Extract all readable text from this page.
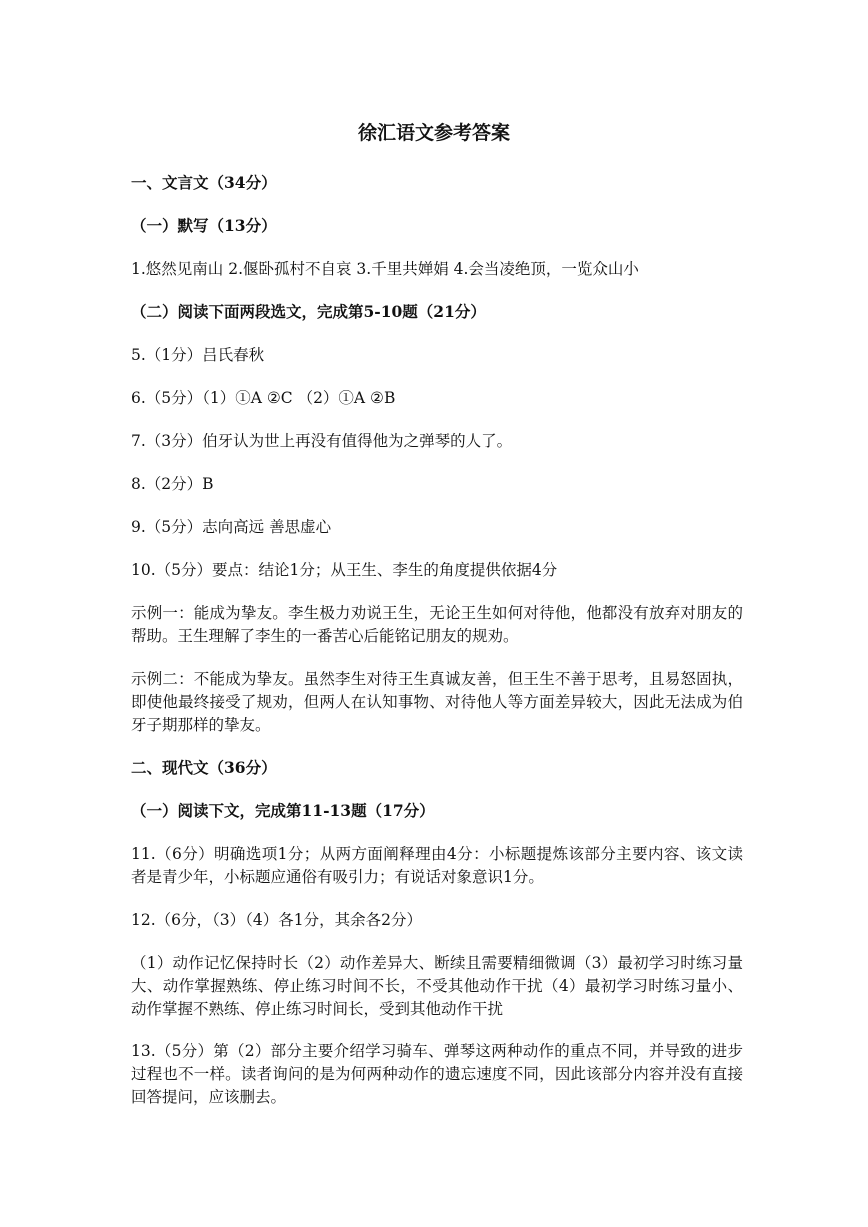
徐汇语文参考答案

一、文言文（34分）

（一）默写（13分）

1.悠然见南山 2.偃卧孤村不自哀 3.千里共婵娟 4.会当凌绝顶，一览众山小

（二）阅读下面两段选文，完成第5-10题（21分）

5.（1分）吕氏春秋

6.（5分）（1）①A ②C （2）①A ②B

7.（3分）伯牙认为世上再没有值得他为之弹琴的人了。

8.（2分）B

9.（5分）志向高远 善思虚心

10.（5分）要点：结论1分；从王生、李生的角度提供依据4分

示例一：能成为挚友。李生极力劝说王生，无论王生如何对待他，他都没有放弃对朋友的帮助。王生理解了李生的一番苦心后能铭记朋友的规劝。

示例二：不能成为挚友。虽然李生对待王生真诚友善，但王生不善于思考，且易怒固执，即使他最终接受了规劝，但两人在认知事物、对待他人等方面差异较大，因此无法成为伯牙子期那样的挚友。

二、现代文（36分）

（一）阅读下文，完成第11-13题（17分）

11.（6分）明确选项1分；从两方面阐释理由4分：小标题提炼该部分主要内容、该文读者是青少年，小标题应通俗有吸引力；有说话对象意识1分。

12.（6分，（3）（4）各1分，其余各2分）

（1）动作记忆保持时长（2）动作差异大、断续且需要精细微调（3）最初学习时练习量大、动作掌握熟练、停止练习时间不长，不受其他动作干扰（4）最初学习时练习量小、动作掌握不熟练、停止练习时间长，受到其他动作干扰

13.（5分）第（2）部分主要介绍学习骑车、弹琴这两种动作的重点不同，并导致的进步过程也不一样。读者询问的是为何两种动作的遗忘速度不同，因此该部分内容并没有直接回答提问，应该删去。
